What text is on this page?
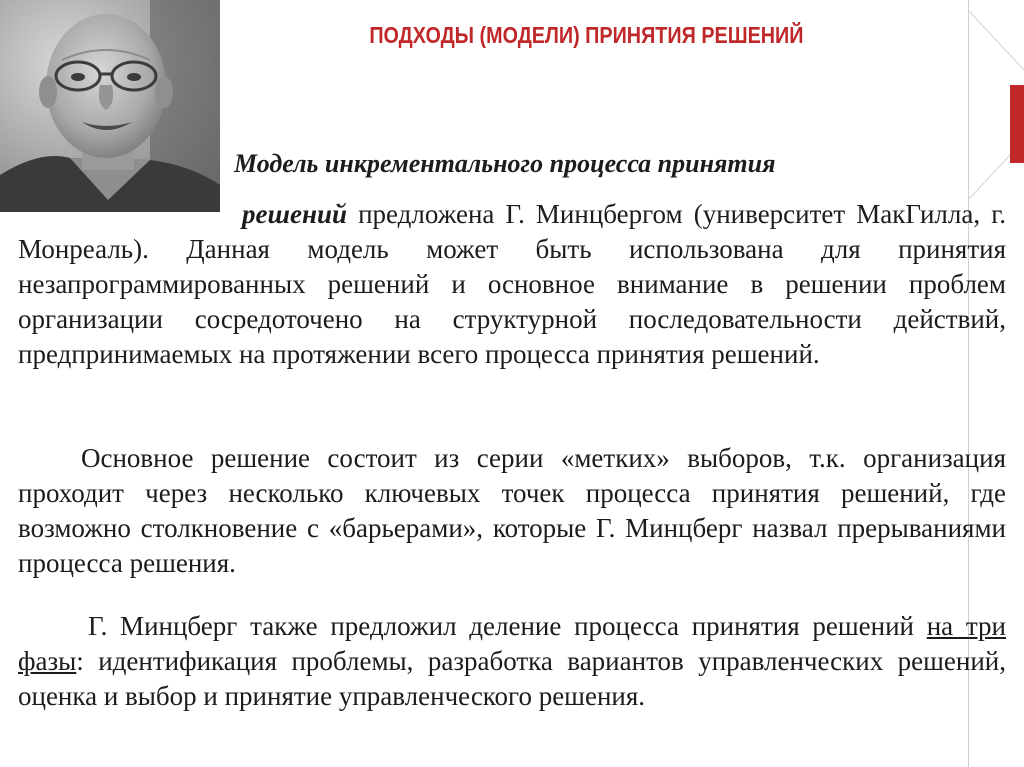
ПОДХОДЫ (МОДЕЛИ) ПРИНЯТИЯ РЕШЕНИЙ

Модель инкрементального процесса принятия

решений предложена Г. Минцбергом (университет МакГилла, г. Монреаль). Данная модель может быть использована для принятия незапрограммированных решений и основное внимание в решении проблем организации сосредоточено на структурной последовательности действий, предпринимаемых на протяжении всего процесса принятия решений.

Основное решение состоит из серии «метких» выборов, т.к. организация проходит через несколько ключевых точек процесса принятия решений, где возможно столкновение с «барьерами», которые Г. Минцберг назвал прерываниями процесса решения.

Г. Минцберг также предложил деление процесса принятия решений на три фазы: идентификация проблемы, разработка вариантов управленческих решений, оценка и выбор и принятие управленческого решения.
